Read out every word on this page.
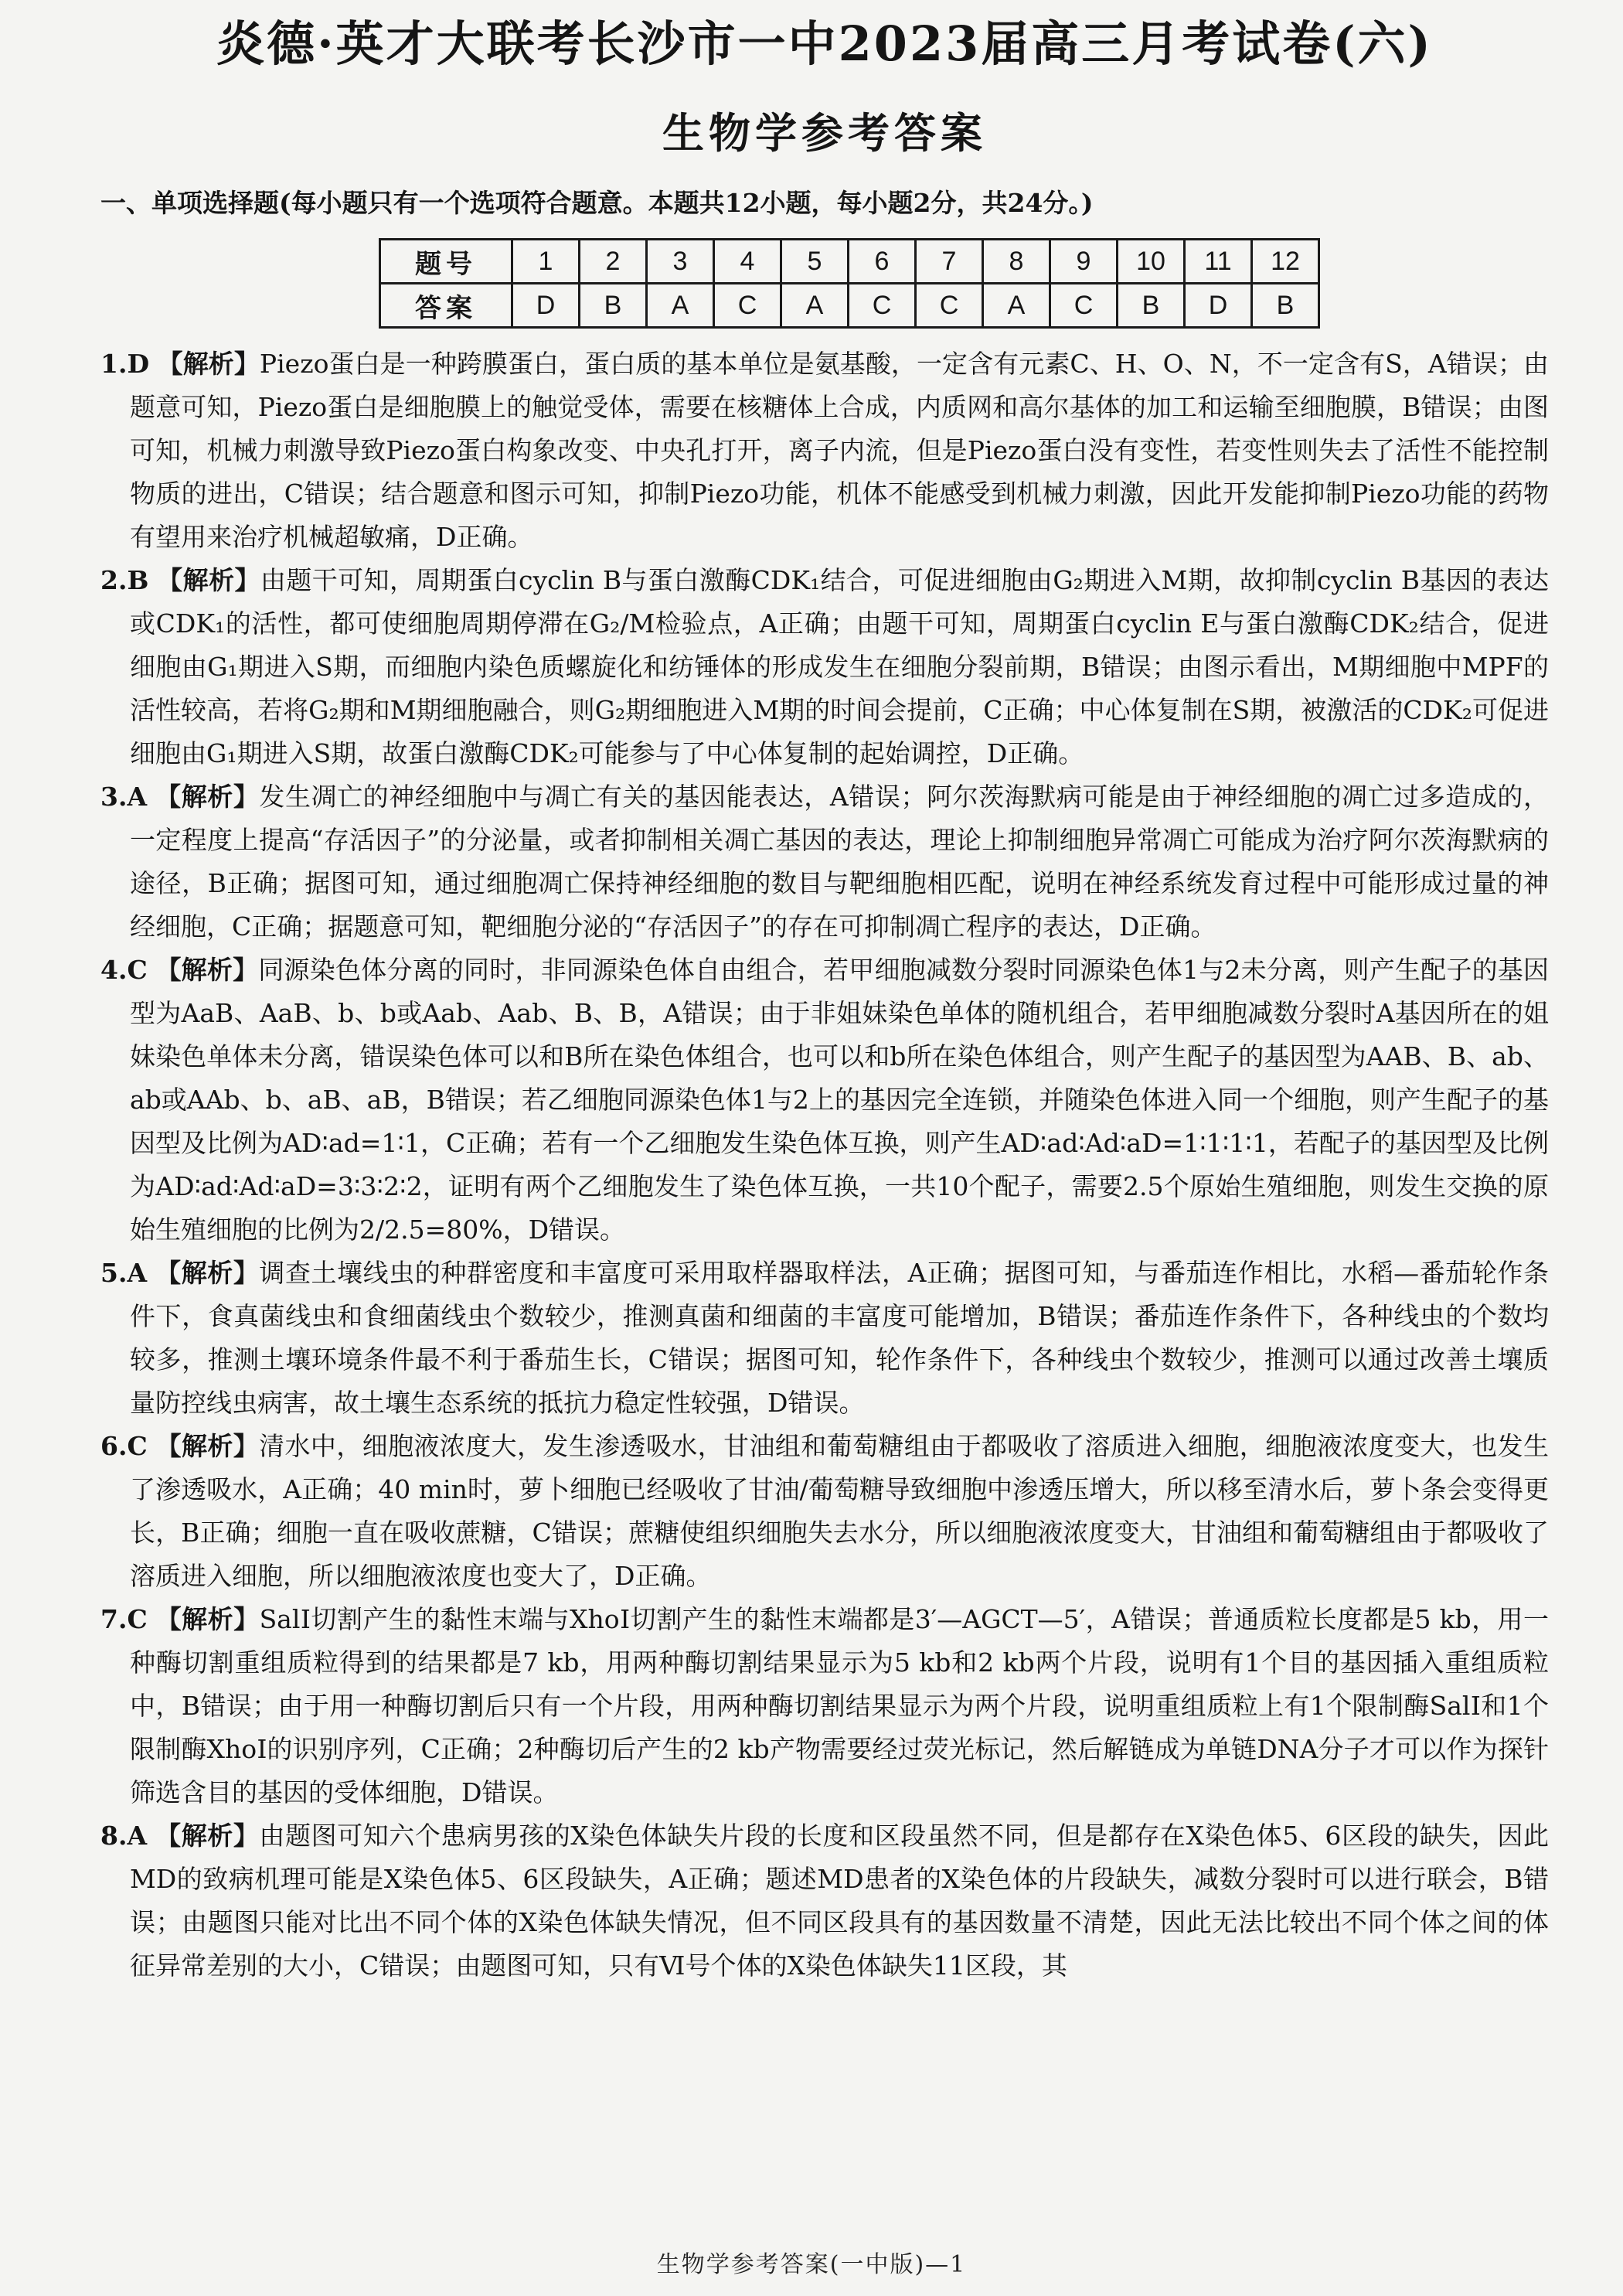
炎德·英才大联考长沙市一中2023届高三月考试卷(六)
生物学参考答案
一、单项选择题(每小题只有一个选项符合题意。本题共12小题，每小题2分，共24分。)
题号	1	2	3	4	5	6	7	8	9	10	11	12
答案	D	B	A	C	A	C	C	A	C	B	D	B

1.D 【解析】Piezo蛋白是一种跨膜蛋白，蛋白质的基本单位是氨基酸，一定含有元素C、H、O、N，不一定含有S，A错误；由题意可知，Piezo蛋白是细胞膜上的触觉受体，需要在核糖体上合成，内质网和高尔基体的加工和运输至细胞膜，B错误；由图可知，机械力刺激导致Piezo蛋白构象改变、中央孔打开，离子内流，但是Piezo蛋白没有变性，若变性则失去了活性不能控制物质的进出，C错误；结合题意和图示可知，抑制Piezo功能，机体不能感受到机械力刺激，因此开发能抑制Piezo功能的药物有望用来治疗机械超敏痛，D正确。

2.B 【解析】由题干可知，周期蛋白cyclin B与蛋白激酶CDK₁结合，可促进细胞由G₂期进入M期，故抑制cyclin B基因的表达或CDK₁的活性，都可使细胞周期停滞在G₂/M检验点，A正确；由题干可知，周期蛋白cyclin E与蛋白激酶CDK₂结合，促进细胞由G₁期进入S期，而细胞内染色质螺旋化和纺锤体的形成发生在细胞分裂前期，B错误；由图示看出，M期细胞中MPF的活性较高，若将G₂期和M期细胞融合，则G₂期细胞进入M期的时间会提前，C正确；中心体复制在S期，被激活的CDK₂可促进细胞由G₁期进入S期，故蛋白激酶CDK₂可能参与了中心体复制的起始调控，D正确。

3.A 【解析】发生凋亡的神经细胞中与凋亡有关的基因能表达，A错误；阿尔茨海默病可能是由于神经细胞的凋亡过多造成的，一定程度上提高“存活因子”的分泌量，或者抑制相关凋亡基因的表达，理论上抑制细胞异常凋亡可能成为治疗阿尔茨海默病的途径，B正确；据图可知，通过细胞凋亡保持神经细胞的数目与靶细胞相匹配，说明在神经系统发育过程中可能形成过量的神经细胞，C正确；据题意可知，靶细胞分泌的“存活因子”的存在可抑制凋亡程序的表达，D正确。

4.C 【解析】同源染色体分离的同时，非同源染色体自由组合，若甲细胞减数分裂时同源染色体1与2未分离，则产生配子的基因型为AaB、AaB、b、b或Aab、Aab、B、B，A错误；由于非姐妹染色单体的随机组合，若甲细胞减数分裂时A基因所在的姐妹染色单体未分离，错误染色体可以和B所在染色体组合，也可以和b所在染色体组合，则产生配子的基因型为AAB、B、ab、ab或AAb、b、aB、aB，B错误；若乙细胞同源染色体1与2上的基因完全连锁，并随染色体进入同一个细胞，则产生配子的基因型及比例为AD∶ad=1∶1，C正确；若有一个乙细胞发生染色体互换，则产生AD∶ad∶Ad∶aD=1∶1∶1∶1，若配子的基因型及比例为AD∶ad∶Ad∶aD=3∶3∶2∶2，证明有两个乙细胞发生了染色体互换，一共10个配子，需要2.5个原始生殖细胞，则发生交换的原始生殖细胞的比例为2/2.5=80%，D错误。

5.A 【解析】调查土壤线虫的种群密度和丰富度可采用取样器取样法，A正确；据图可知，与番茄连作相比，水稻—番茄轮作条件下，食真菌线虫和食细菌线虫个数较少，推测真菌和细菌的丰富度可能增加，B错误；番茄连作条件下，各种线虫的个数均较多，推测土壤环境条件最不利于番茄生长，C错误；据图可知，轮作条件下，各种线虫个数较少，推测可以通过改善土壤质量防控线虫病害，故土壤生态系统的抵抗力稳定性较强，D错误。

6.C 【解析】清水中，细胞液浓度大，发生渗透吸水，甘油组和葡萄糖组由于都吸收了溶质进入细胞，细胞液浓度变大，也发生了渗透吸水，A正确；40 min时，萝卜细胞已经吸收了甘油/葡萄糖导致细胞中渗透压增大，所以移至清水后，萝卜条会变得更长，B正确；细胞一直在吸收蔗糖，C错误；蔗糖使组织细胞失去水分，所以细胞液浓度变大，甘油组和葡萄糖组由于都吸收了溶质进入细胞，所以细胞液浓度也变大了，D正确。

7.C 【解析】SalⅠ切割产生的黏性末端与XhoⅠ切割产生的黏性末端都是3′—AGCT—5′，A错误；普通质粒长度都是5 kb，用一种酶切割重组质粒得到的结果都是7 kb，用两种酶切割结果显示为5 kb和2 kb两个片段，说明有1个目的基因插入重组质粒中，B错误；由于用一种酶切割后只有一个片段，用两种酶切割结果显示为两个片段，说明重组质粒上有1个限制酶SalⅠ和1个限制酶XhoⅠ的识别序列，C正确；2种酶切后产生的2 kb产物需要经过荧光标记，然后解链成为单链DNA分子才可以作为探针筛选含目的基因的受体细胞，D错误。

8.A 【解析】由题图可知六个患病男孩的X染色体缺失片段的长度和区段虽然不同，但是都存在X染色体5、6区段的缺失，因此MD的致病机理可能是X染色体5、6区段缺失，A正确；题述MD患者的X染色体的片段缺失，减数分裂时可以进行联会，B错误；由题图只能对比出不同个体的X染色体缺失情况，但不同区段具有的基因数量不清楚，因此无法比较出不同个体之间的体征异常差别的大小，C错误；由题图可知，只有Ⅵ号个体的X染色体缺失11区段，其

生物学参考答案(一中版)—1
